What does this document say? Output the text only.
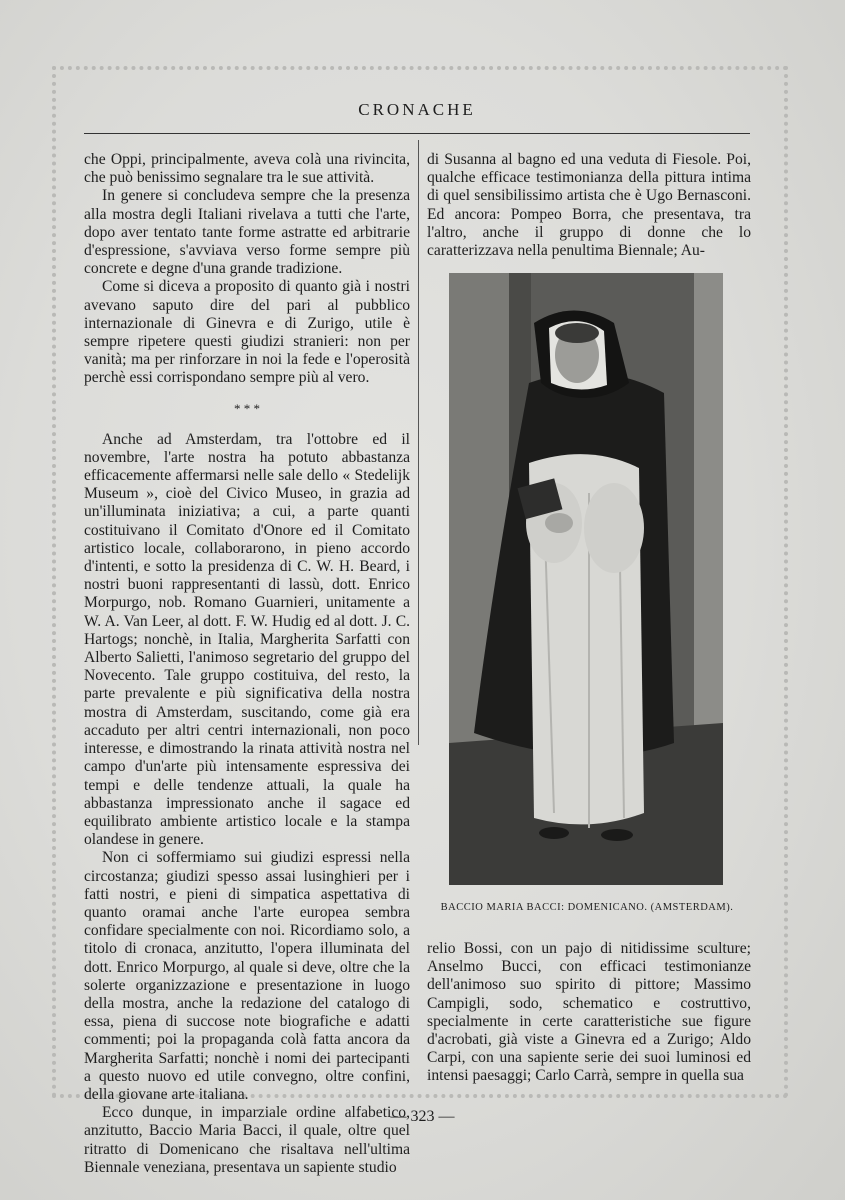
CRONACHE

che Oppi, principalmente, aveva colà una rivincita, che può benissimo segnalare tra le sue attività.

In genere si concludeva sempre che la presenza alla mostra degli Italiani rivelava a tutti che l'arte, dopo aver tentato tante forme astratte ed arbitrarie d'espressione, s'avviava verso forme sempre più concrete e degne d'una grande tradizione.

Come si diceva a proposito di quanto già i nostri avevano saputo dire del pari al pubblico internazionale di Ginevra e di Zurigo, utile è sempre ripetere questi giudizi stranieri: non per vanità; ma per rinforzare in noi la fede e l'operosità perchè essi corrispondano sempre più al vero.

* * *

Anche ad Amsterdam, tra l'ottobre ed il novembre, l'arte nostra ha potuto abbastanza efficacemente affermarsi nelle sale dello « Stedelijk Museum », cioè del Civico Museo, in grazia ad un'illuminata iniziativa; a cui, a parte quanti costituivano il Comitato d'Onore ed il Comitato artistico locale, collaborarono, in pieno accordo d'intenti, e sotto la presidenza di C. W. H. Beard, i nostri buoni rappresentanti di lassù, dott. Enrico Morpurgo, nob. Romano Guarnieri, unitamente a W. A. Van Leer, al dott. F. W. Hudig ed al dott. J. C. Hartogs; nonchè, in Italia, Margherita Sarfatti con Alberto Salietti, l'animoso segretario del gruppo del Novecento. Tale gruppo costituiva, del resto, la parte prevalente e più significativa della nostra mostra di Amsterdam, suscitando, come già era accaduto per altri centri internazionali, non poco interesse, e dimostrando la rinata attività nostra nel campo d'un'arte più intensamente espressiva dei tempi e delle tendenze attuali, la quale ha abbastanza impressionato anche il sagace ed equilibrato ambiente artistico locale e la stampa olandese in genere.

Non ci soffermiamo sui giudizi espressi nella circostanza; giudizi spesso assai lusinghieri per i fatti nostri, e pieni di simpatica aspettativa di quanto oramai anche l'arte europea sembra confidare specialmente con noi. Ricordiamo solo, a titolo di cronaca, anzitutto, l'opera illuminata del dott. Enrico Morpurgo, al quale si deve, oltre che la solerte organizzazione e presentazione in luogo della mostra, anche la redazione del catalogo di essa, piena di succose note biografiche e adatti commenti; poi la propaganda colà fatta ancora da Margherita Sarfatti; nonchè i nomi dei partecipanti a questo nuovo ed utile convegno, oltre confini, della giovane arte italiana.

Ecco dunque, in imparziale ordine alfabetico, anzitutto, Baccio Maria Bacci, il quale, oltre quel ritratto di Domenicano che risaltava nell'ultima Biennale veneziana, presentava un sapiente studio

di Susanna al bagno ed una veduta di Fiesole. Poi, qualche efficace testimonianza della pittura intima di quel sensibilissimo artista che è Ugo Bernasconi. Ed ancora: Pompeo Borra, che presentava, tra l'altro, anche il gruppo di donne che lo caratterizzava nella penultima Biennale; Au-

BACCIO MARIA BACCI: DOMENICANO. (AMSTERDAM).

relio Bossi, con un pajo di nitidissime sculture; Anselmo Bucci, con efficaci testimonianze dell'animoso suo spirito di pittore; Massimo Campigli, sodo, schematico e costruttivo, specialmente in certe caratteristiche sue figure d'acrobati, già viste a Ginevra ed a Zurigo; Aldo Carpi, con una sapiente serie dei suoi luminosi ed intensi paesaggi; Carlo Carrà, sempre in quella sua

— 323 —
